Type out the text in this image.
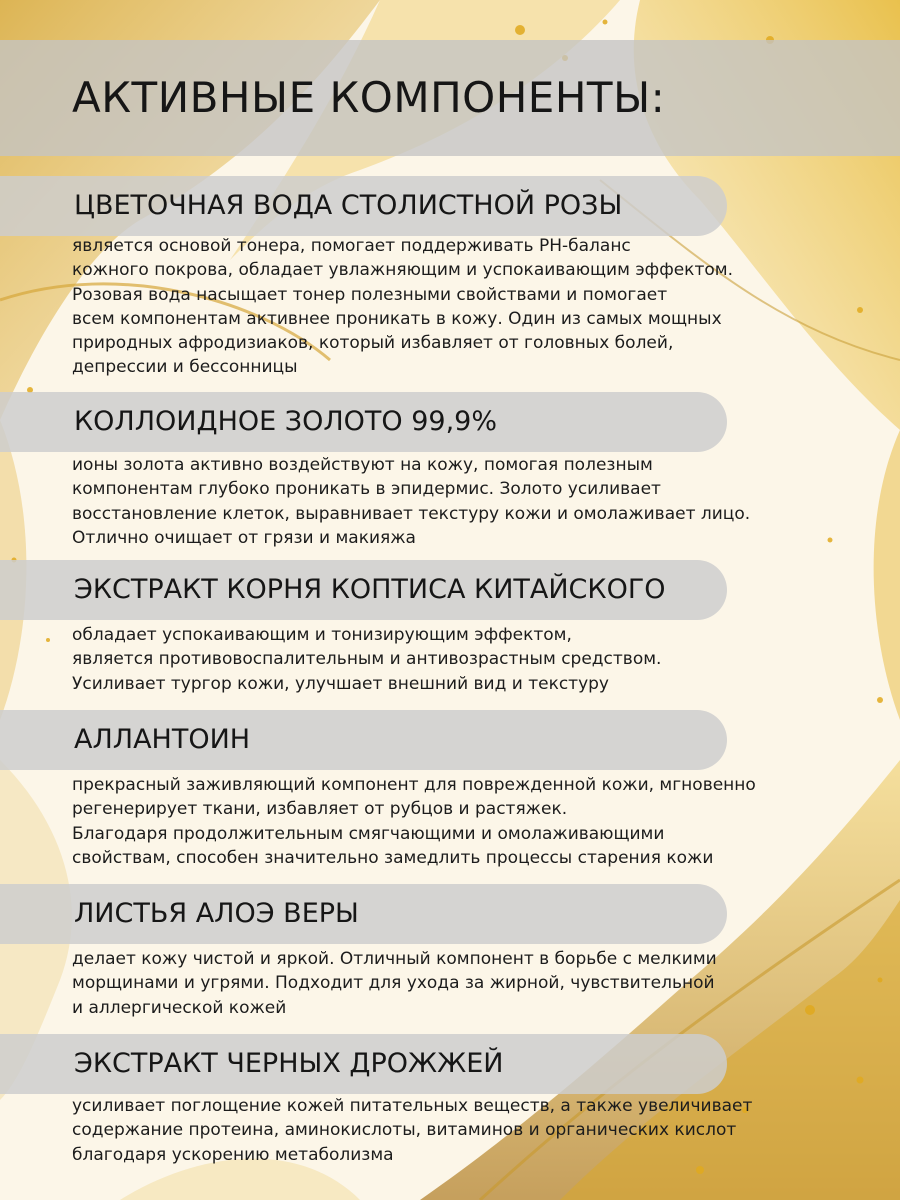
АКТИВНЫЕ КОМПОНЕНТЫ:
ЦВЕТОЧНАЯ ВОДА СТОЛИСТНОЙ РОЗЫ

является основой тонера, помогает поддерживать PH-баланс
кожного покрова, обладает увлажняющим и успокаивающим эффектом.
Розовая вода насыщает тонер полезными свойствами и помогает
всем компонентам активнее проникать в кожу. Один из самых мощных
природных афродизиаков, который избавляет от головных болей,
депрессии и бессонницы

КОЛЛОИДНОЕ ЗОЛОТО 99,9%

ионы золота активно воздействуют на кожу, помогая полезным
компонентам глубоко проникать в эпидермис. Золото усиливает
восстановление клеток, выравнивает текстуру кожи и омолаживает лицо.
Отлично очищает от грязи и макияжа

ЭКСТРАКТ КОРНЯ КОПТИСА КИТАЙСКОГО

обладает успокаивающим и тонизирующим эффектом,
является противовоспалительным и антивозрастным средством.
Усиливает тургор кожи, улучшает внешний вид и текстуру

АЛЛАНТОИН

прекрасный заживляющий компонент для поврежденной кожи, мгновенно
регенерирует ткани, избавляет от рубцов и растяжек.
Благодаря продолжительным смягчающими и омолаживающими
свойствам, способен значительно замедлить процессы старения кожи

ЛИСТЬЯ АЛОЭ ВЕРЫ

делает кожу чистой и яркой. Отличный компонент в борьбе с мелкими
морщинами и угрями. Подходит для ухода за жирной, чувствительной
и аллергической кожей

ЭКСТРАКТ ЧЕРНЫХ ДРОЖЖЕЙ

усиливает поглощение кожей питательных веществ, а также увеличивает
содержание протеина, аминокислоты, витаминов и органических кислот
благодаря ускорению метаболизма
